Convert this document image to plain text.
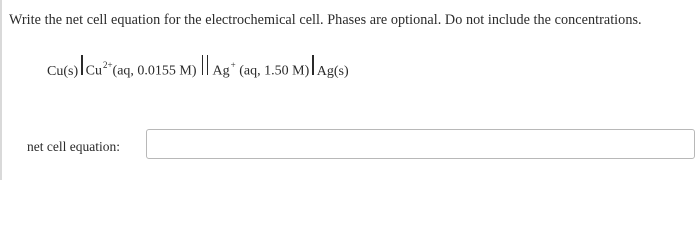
Write the net cell equation for the electrochemical cell. Phases are optional. Do not include the concentrations.
Cu(s) $Cu^{2+}(aq$, 0.0155 M) Ag+ (aq, 1.50 M) Ag(s)
net cell equation:
